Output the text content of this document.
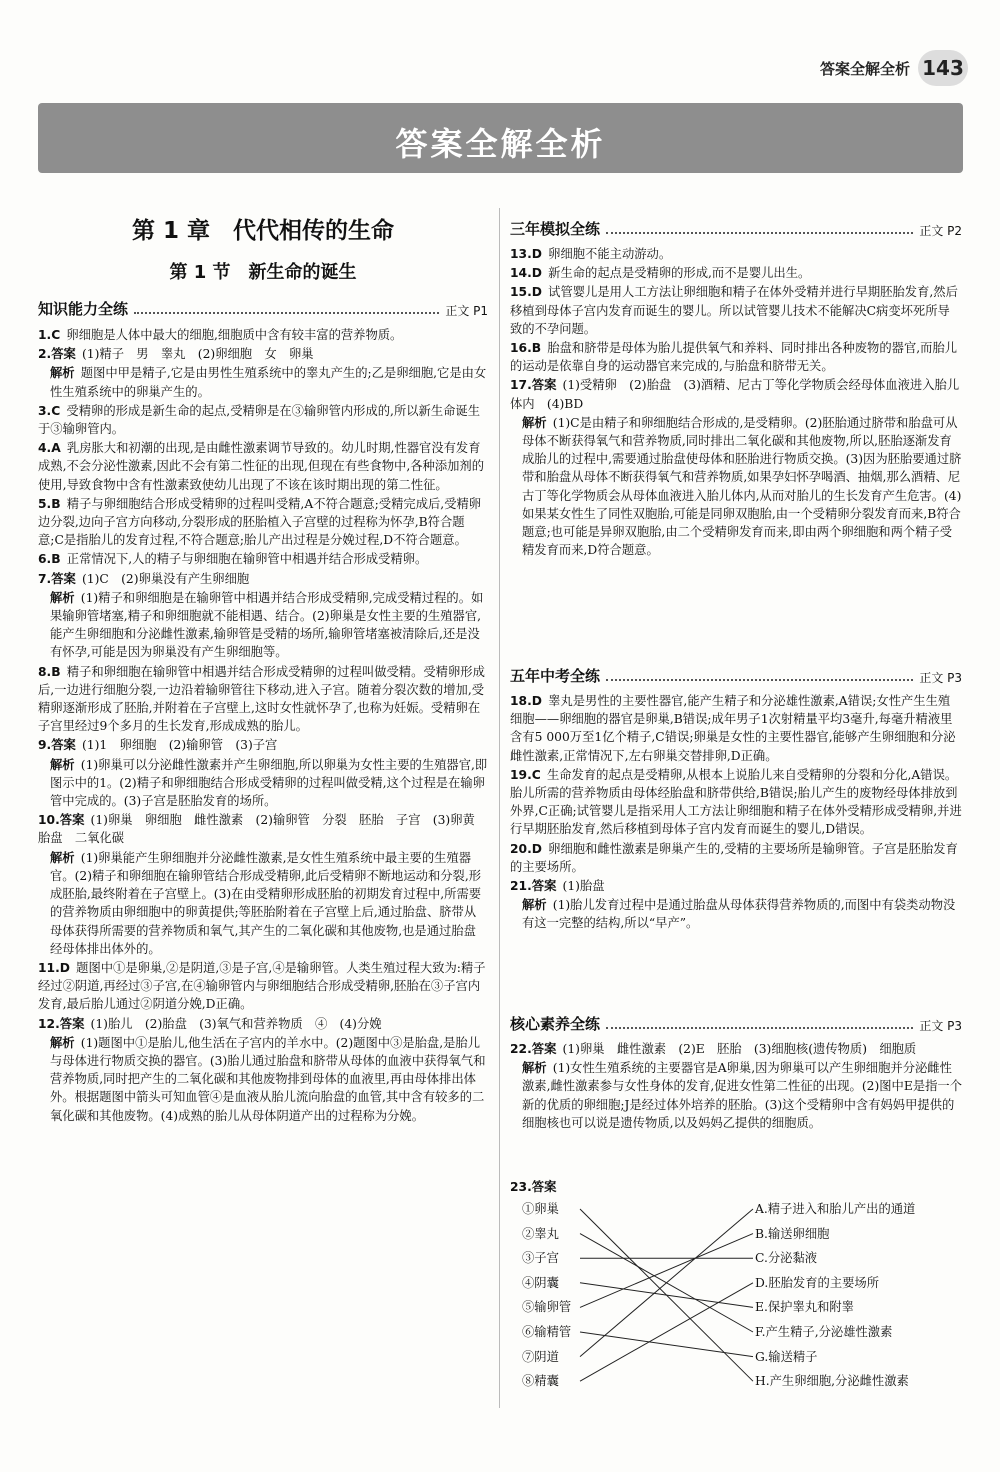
答案全解全析 143
答案全解全析
第 1 章　代代相传的生命
第 1 节　新生命的诞生
知识能力全练	正文 P1
1.C  卵细胞是人体中最大的细胞,细胞质中含有较丰富的营养物质。
2.答案  (1)精子　男　睾丸　(2)卵细胞　女　卵巢
解析  题图中甲是精子,它是由男性生殖系统中的睾丸产生的;乙是卵细胞,它是由女性生殖系统中的卵巢产生的。
3.C  受精卵的形成是新生命的起点,受精卵是在③输卵管内形成的,所以新生命诞生于③输卵管内。
4.A  乳房胀大和初潮的出现,是由雌性激素调节导致的。幼儿时期,性器官没有发育成熟,不会分泌性激素,因此不会有第二性征的出现,但现在有些食物中,各种添加剂的使用,导致食物中含有性激素致使幼儿出现了不该在该时期出现的第二性征。
5.B  精子与卵细胞结合形成受精卵的过程叫受精,A不符合题意;受精完成后,受精卵边分裂,边向子宫方向移动,分裂形成的胚胎植入子宫壁的过程称为怀孕,B符合题意;C是指胎儿的发育过程,不符合题意;胎儿产出过程是分娩过程,D不符合题意。
6.B  正常情况下,人的精子与卵细胞在输卵管中相遇并结合形成受精卵。
7.答案  (1)C　(2)卵巢没有产生卵细胞
解析  (1)精子和卵细胞是在输卵管中相遇并结合形成受精卵,完成受精过程的。如果输卵管堵塞,精子和卵细胞就不能相遇、结合。(2)卵巢是女性主要的生殖器官,能产生卵细胞和分泌雌性激素,输卵管是受精的场所,输卵管堵塞被清除后,还是没有怀孕,可能是因为卵巢没有产生卵细胞等。
8.B  精子和卵细胞在输卵管中相遇并结合形成受精卵的过程叫做受精。受精卵形成后,一边进行细胞分裂,一边沿着输卵管往下移动,进入子宫。随着分裂次数的增加,受精卵逐渐形成了胚胎,并附着在子宫壁上,这时女性就怀孕了,也称为妊娠。受精卵在子宫里经过9个多月的生长发育,形成成熟的胎儿。
9.答案  (1)1　卵细胞　(2)输卵管　(3)子宫
解析  (1)卵巢可以分泌雌性激素并产生卵细胞,所以卵巢为女性主要的生殖器官,即图示中的1。(2)精子和卵细胞结合形成受精卵的过程叫做受精,这个过程是在输卵管中完成的。(3)子宫是胚胎发育的场所。
10.答案  (1)卵巢　卵细胞　雌性激素　(2)输卵管　分裂　胚胎　子宫　(3)卵黄　胎盘　二氧化碳
解析  (1)卵巢能产生卵细胞并分泌雌性激素,是女性生殖系统中最主要的生殖器官。(2)精子和卵细胞在输卵管结合形成受精卵,此后受精卵不断地运动和分裂,形成胚胎,最终附着在子宫壁上。(3)在由受精卵形成胚胎的初期发育过程中,所需要的营养物质由卵细胞中的卵黄提供;等胚胎附着在子宫壁上后,通过胎盘、脐带从母体获得所需要的营养物质和氧气,其产生的二氧化碳和其他废物,也是通过胎盘经母体排出体外的。
11.D  题图中①是卵巢,②是阴道,③是子宫,④是输卵管。人类生殖过程大致为:精子经过②阴道,再经过③子宫,在④输卵管内与卵细胞结合形成受精卵,胚胎在③子宫内发育,最后胎儿通过②阴道分娩,D正确。
12.答案  (1)胎儿　(2)胎盘　(3)氧气和营养物质　④　(4)分娩
解析  (1)题图中①是胎儿,他生活在子宫内的羊水中。(2)题图中③是胎盘,是胎儿与母体进行物质交换的器官。(3)胎儿通过胎盘和脐带从母体的血液中获得氧气和营养物质,同时把产生的二氧化碳和其他废物排到母体的血液里,再由母体排出体外。根据题图中箭头可知血管④是血液从胎儿流向胎盘的血管,其中含有较多的二氧化碳和其他废物。(4)成熟的胎儿从母体阴道产出的过程称为分娩。
三年模拟全练	正文 P2
13.D  卵细胞不能主动游动。
14.D  新生命的起点是受精卵的形成,而不是婴儿出生。
15.D  试管婴儿是用人工方法让卵细胞和精子在体外受精并进行早期胚胎发育,然后移植到母体子宫内发育而诞生的婴儿。所以试管婴儿技术不能解决C病变坏死所导致的不孕问题。
16.B  胎盘和脐带是母体为胎儿提供氧气和养料、同时排出各种废物的器官,而胎儿的运动是依靠自身的运动器官来完成的,与胎盘和脐带无关。
17.答案  (1)受精卵　(2)胎盘　(3)酒精、尼古丁等化学物质会经母体血液进入胎儿体内　(4)BD
解析  (1)C是由精子和卵细胞结合形成的,是受精卵。(2)胚胎通过脐带和胎盘可从母体不断获得氧气和营养物质,同时排出二氧化碳和其他废物,所以,胚胎逐渐发育成胎儿的过程中,需要通过胎盘使母体和胚胎进行物质交换。(3)因为胚胎要通过脐带和胎盘从母体不断获得氧气和营养物质,如果孕妇怀孕喝酒、抽烟,那么酒精、尼古丁等化学物质会从母体血液进入胎儿体内,从而对胎儿的生长发育产生危害。(4)如果某女性生了同性双胞胎,可能是同卵双胞胎,由一个受精卵分裂发育而来,B符合题意;也可能是异卵双胞胎,由二个受精卵发育而来,即由两个卵细胞和两个精子受精发育而来,D符合题意。
五年中考全练	正文 P3
18.D  睾丸是男性的主要性器官,能产生精子和分泌雄性激素,A错误;女性产生生殖细胞——卵细胞的器官是卵巢,B错误;成年男子1次射精量平均3毫升,每毫升精液里含有5 000万至1亿个精子,C错误;卵巢是女性的主要性器官,能够产生卵细胞和分泌雌性激素,正常情况下,左右卵巢交替排卵,D正确。
19.C  生命发育的起点是受精卵,从根本上说胎儿来自受精卵的分裂和分化,A错误。胎儿所需的营养物质由母体经胎盘和脐带供给,B错误;胎儿产生的废物经母体排放到外界,C正确;试管婴儿是指采用人工方法让卵细胞和精子在体外受精形成受精卵,并进行早期胚胎发育,然后移植到母体子宫内发育而诞生的婴儿,D错误。
20.D  卵细胞和雌性激素是卵巢产生的,受精的主要场所是输卵管。子宫是胚胎发育的主要场所。
21.答案  (1)胎盘
解析  (1)胎儿发育过程中是通过胎盘从母体获得营养物质的,而图中有袋类动物没有这一完整的结构,所以“早产”。
核心素养全练	正文 P3
22.答案  (1)卵巢　雌性激素　(2)E　胚胎　(3)细胞核(遗传物质)　细胞质
解析  (1)女性生殖系统的主要器官是A卵巢,因为卵巢可以产生卵细胞并分泌雌性激素,雌性激素参与女性身体的发育,促进女性第二性征的出现。(2)图中E是指一个新的优质的卵细胞;J是经过体外培养的胚胎。(3)这个受精卵中含有妈妈甲提供的细胞核也可以说是遗传物质,以及妈妈乙提供的细胞质。
23.答案
①卵巢
②睾丸
③子宫
④阴囊
⑤输卵管
⑥输精管
⑦阴道
⑧精囊
A.精子进入和胎儿产出的通道
B.输送卵细胞
C.分泌黏液
D.胚胎发育的主要场所
E.保护睾丸和附睾
F.产生精子,分泌雄性激素
G.输送精子
H.产生卵细胞,分泌雌性激素
